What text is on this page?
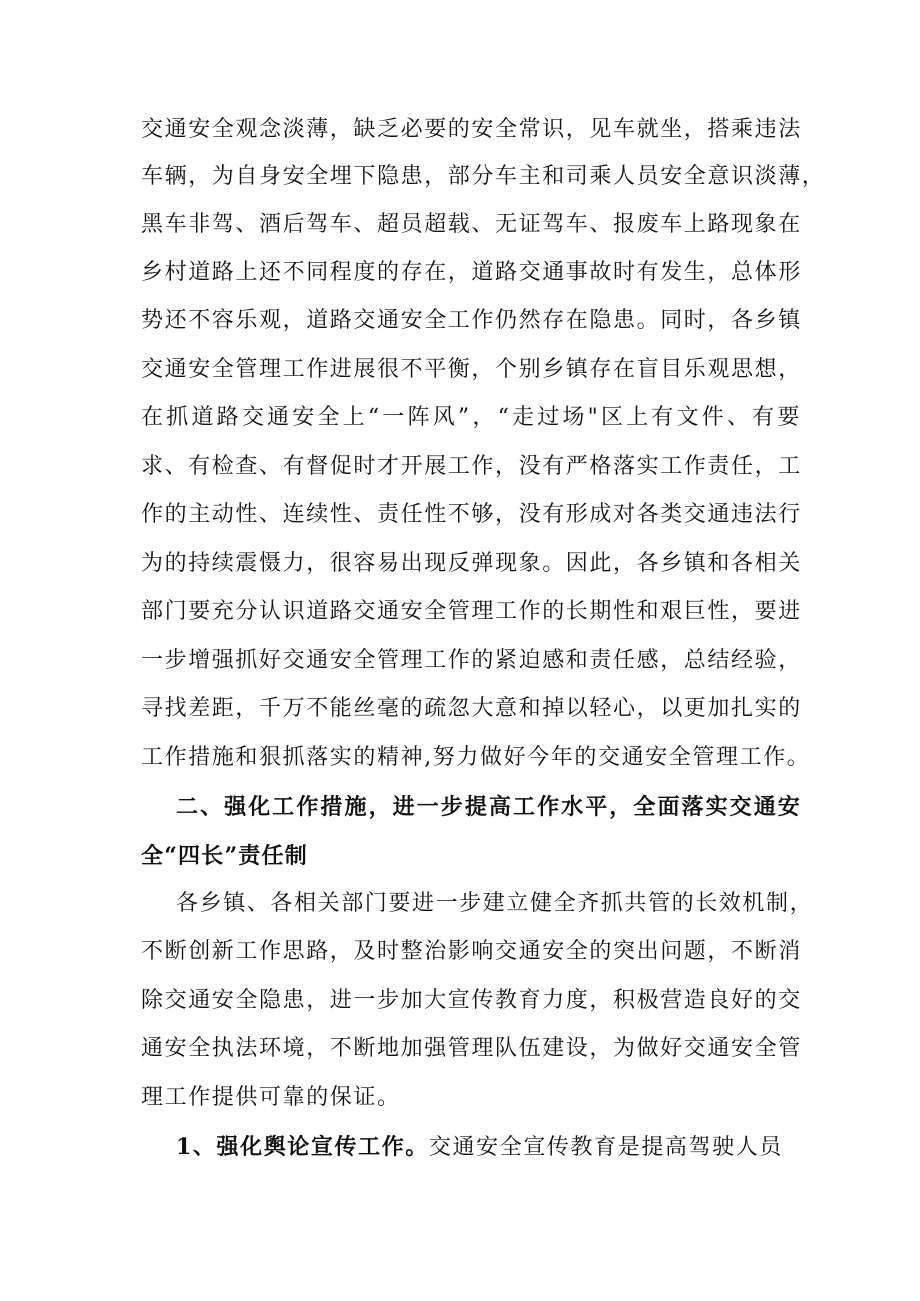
交通安全观念淡薄，缺乏必要的安全常识，见车就坐，搭乘违法
车辆，为自身安全埋下隐患，部分车主和司乘人员安全意识淡薄，
黑车非驾、酒后驾车、超员超载、无证驾车、报废车上路现象在
乡村道路上还不同程度的存在，道路交通事故时有发生，总体形
势还不容乐观，道路交通安全工作仍然存在隐患。同时，各乡镇
交通安全管理工作进展很不平衡，个别乡镇存在盲目乐观思想，
在抓道路交通安全上“一阵风”，“走过场"区上有文件、有要
求、有检查、有督促时才开展工作，没有严格落实工作责任，工
作的主动性、连续性、责任性不够，没有形成对各类交通违法行
为的持续震慑力，很容易出现反弹现象。因此，各乡镇和各相关
部门要充分认识道路交通安全管理工作的长期性和艰巨性，要进
一步增强抓好交通安全管理工作的紧迫感和责任感，总结经验，
寻找差距，千万不能丝毫的疏忽大意和掉以轻心，以更加扎实的
工作措施和狠抓落实的精神,努力做好今年的交通安全管理工作。
二、强化工作措施，进一步提高工作水平，全面落实交通安
全“四长”责任制
各乡镇、各相关部门要进一步建立健全齐抓共管的长效机制，
不断创新工作思路，及时整治影响交通安全的突出问题，不断消
除交通安全隐患，进一步加大宣传教育力度，积极营造良好的交
通安全执法环境，不断地加强管理队伍建设，为做好交通安全管
理工作提供可靠的保证。
1、强化舆论宣传工作。交通安全宣传教育是提高驾驶人员
